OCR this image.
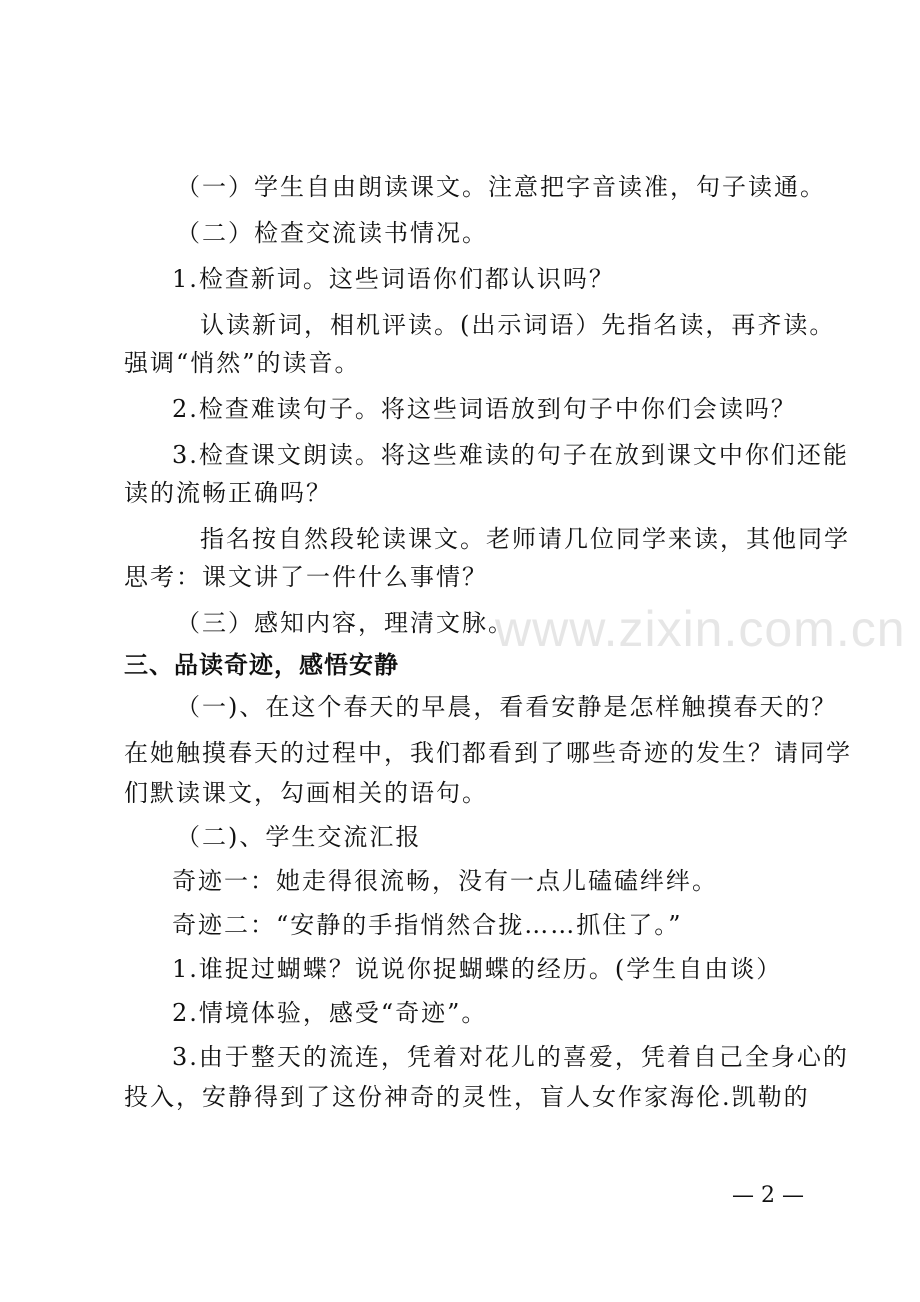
www.zixin.com.cn
（一）学生自由朗读课文。注意把字音读准，句子读通。
（二）检查交流读书情况。
1.检查新词。这些词语你们都认识吗？
认读新词，相机评读。(出示词语）先指名读，再齐读。
强调“悄然”的读音。
2.检查难读句子。将这些词语放到句子中你们会读吗？
3.检查课文朗读。将这些难读的句子在放到课文中你们还能
读的流畅正确吗？
指名按自然段轮读课文。老师请几位同学来读，其他同学
思考：课文讲了一件什么事情？
（三）感知内容，理清文脉。
三、品读奇迹，感悟安静
（一)、在这个春天的早晨，看看安静是怎样触摸春天的？
在她触摸春天的过程中，我们都看到了哪些奇迹的发生？请同学
们默读课文，勾画相关的语句。
（二)、学生交流汇报
奇迹一：她走得很流畅，没有一点儿磕磕绊绊。
奇迹二：“安静的手指悄然合拢……抓住了。”
1.谁捉过蝴蝶？说说你捉蝴蝶的经历。(学生自由谈）
2.情境体验，感受“奇迹”。
3.由于整天的流连，凭着对花儿的喜爱，凭着自己全身心的
投入，安静得到了这份神奇的灵性，盲人女作家海伦.凯勒的
— 2 —
